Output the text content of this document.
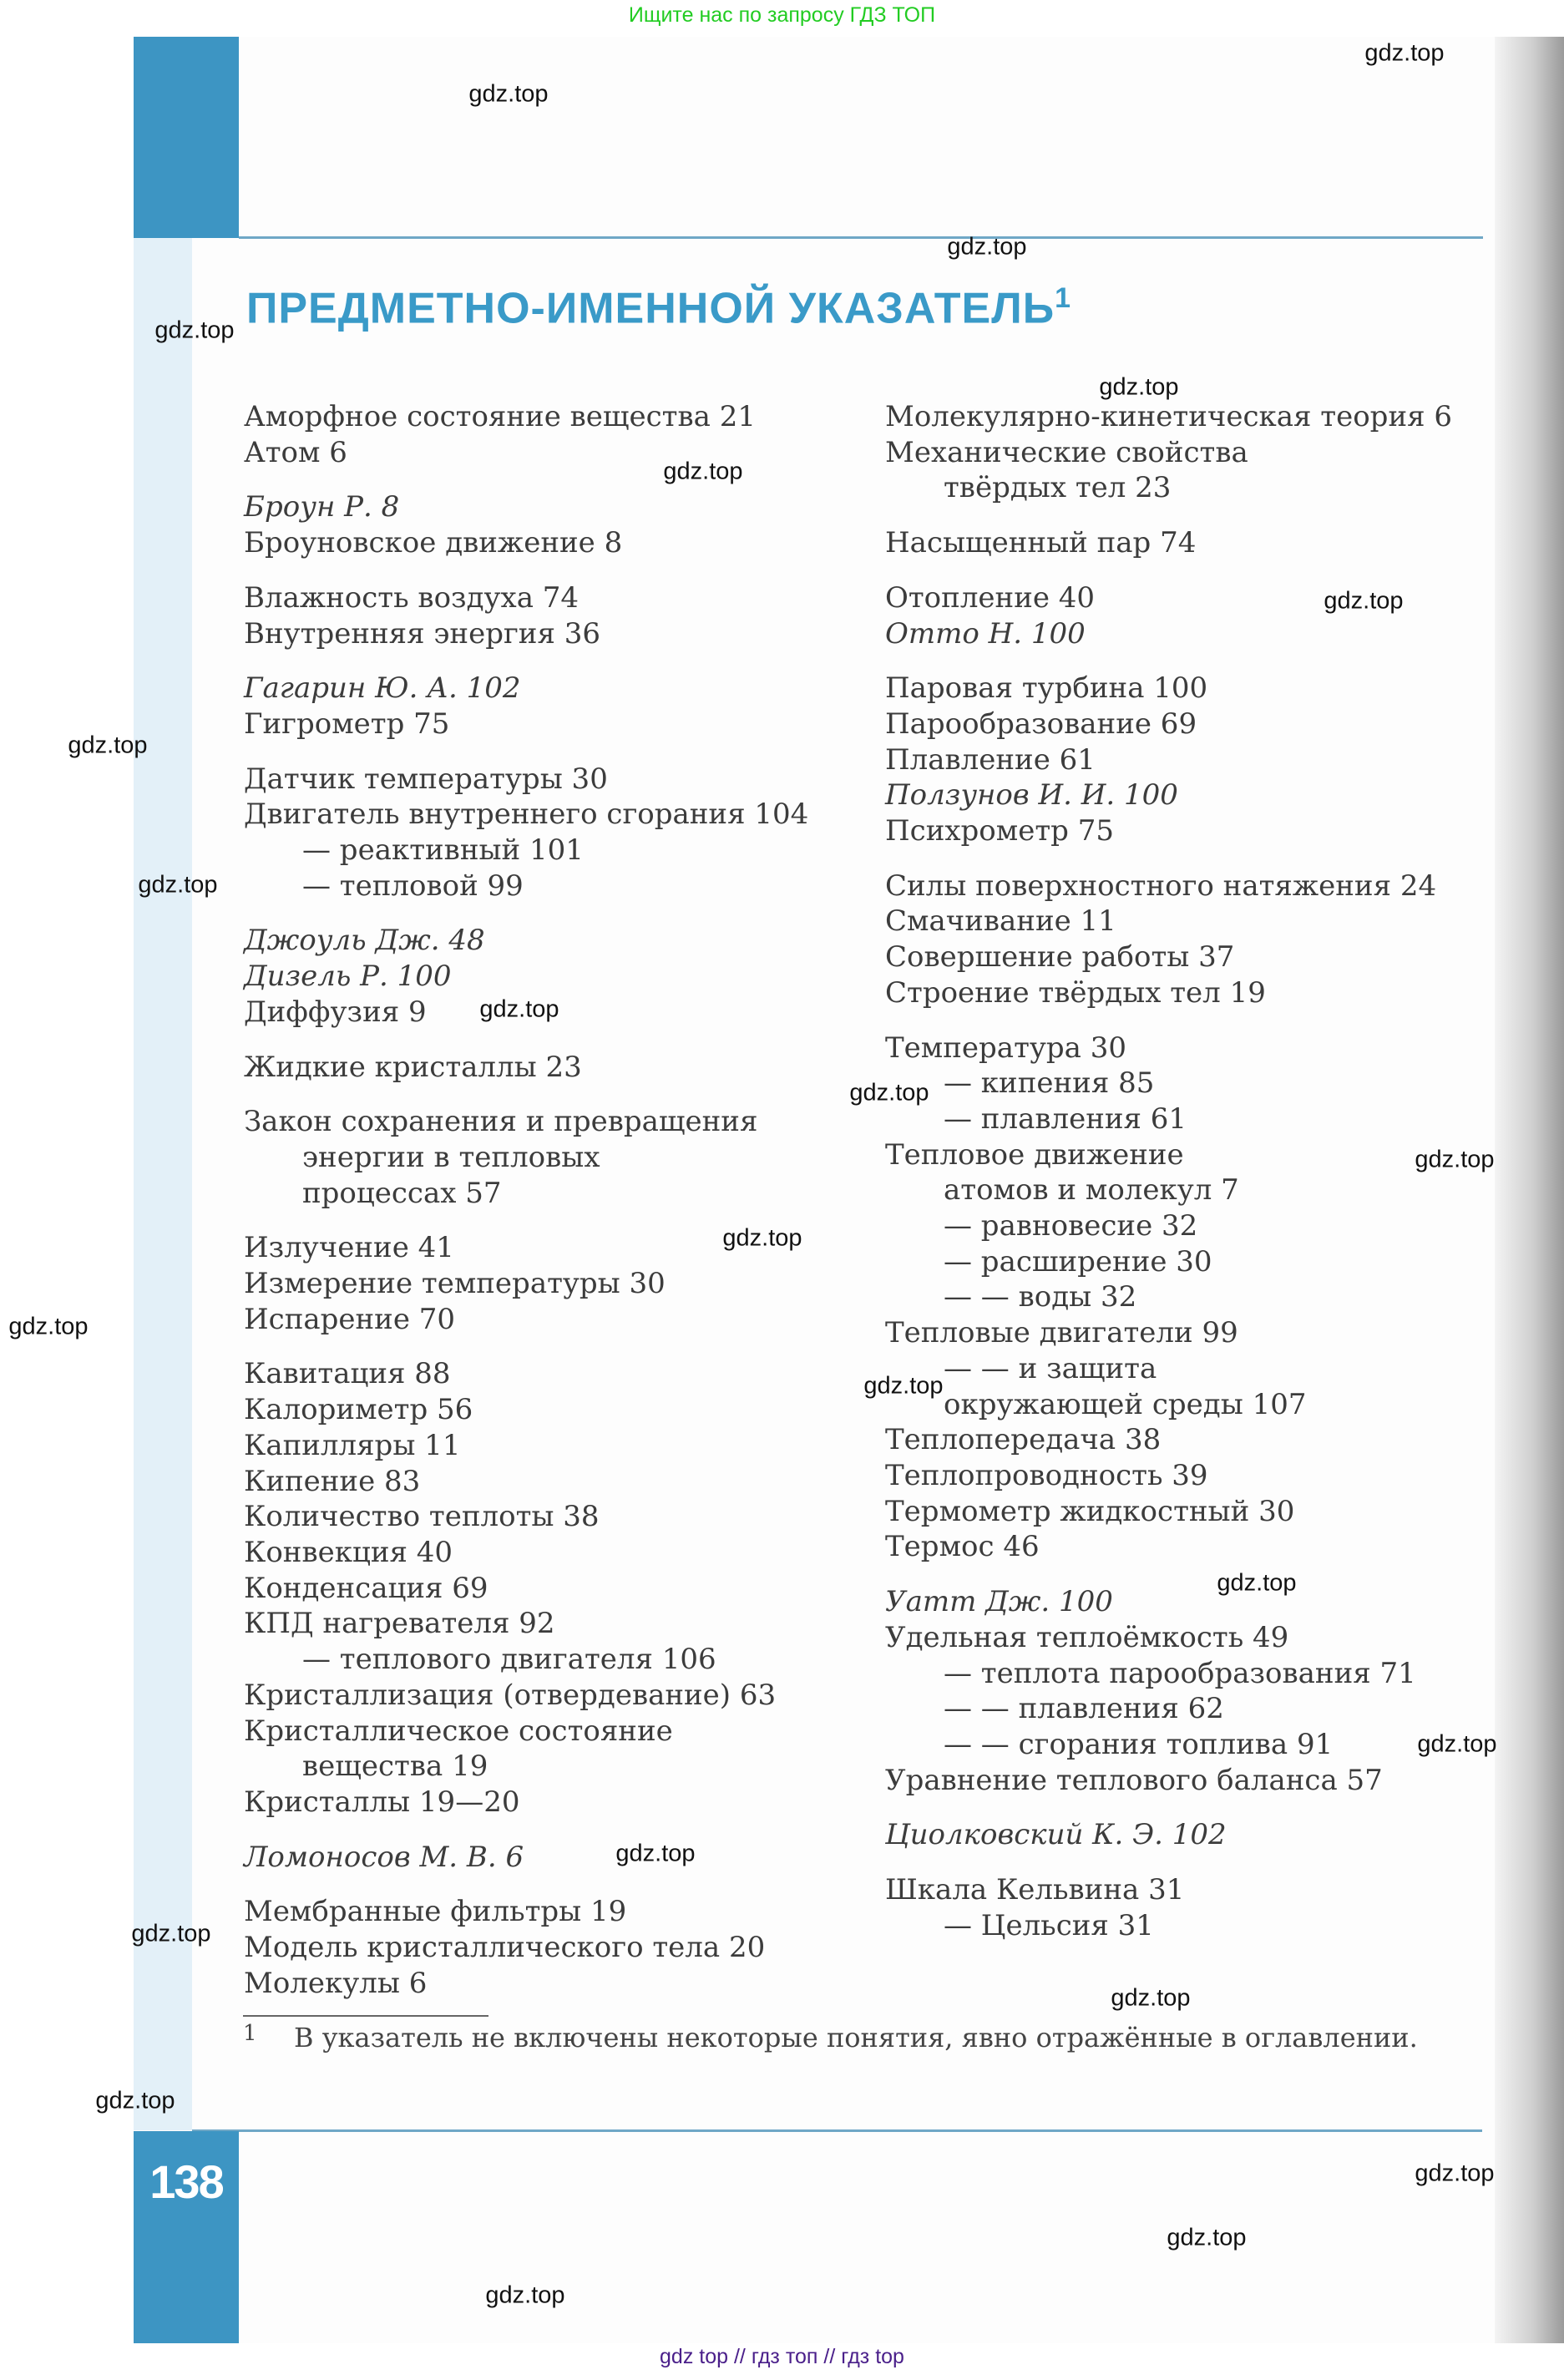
Ищите нас по запросу ГДЗ ТОП
ПРЕДМЕТНО-ИМЕННОЙ УКАЗАТЕЛЬ$^1$
Аморфное состояние вещества 21
Атом 6
Броун Р. 8
Броуновское движение 8
Влажность воздуха 74
Внутренняя энергия 36
Гагарин Ю. А. 102
Гигрометр 75
Датчик температуры 30
Двигатель внутреннего сгорания 104
— реактивный 101
— тепловой 99
Джоуль Дж. 48
Дизель Р. 100
Диффузия 9
Жидкие кристаллы 23
Закон сохранения и превращения
энергии в тепловых
процессах 57
Излучение 41
Измерение температуры 30
Испарение 70
Кавитация 88
Калориметр 56
Капилляры 11
Кипение 83
Количество теплоты 38
Конвекция 40
Конденсация 69
КПД нагревателя 92
— теплового двигателя 106
Кристаллизация (отвердевание) 63
Кристаллическое состояние
вещества 19
Кристаллы 19—20
Ломоносов М. В. 6
Мембранные фильтры 19
Модель кристаллического тела 20
Молекулы 6
Молекулярно-кинетическая теория 6
Механические свойства
твёрдых тел 23
Насыщенный пар 74
Отопление 40
Отто Н. 100
Паровая турбина 100
Парообразование 69
Плавление 61
Ползунов И. И. 100
Психрометр 75
Силы поверхностного натяжения 24
Смачивание 11
Совершение работы 37
Строение твёрдых тел 19
Температура 30
— кипения 85
— плавления 61
Тепловое движение
атомов и молекул 7
— равновесие 32
— расширение 30
— — воды 32
Тепловые двигатели 99
— — и защита
окружающей среды 107
Теплопередача 38
Теплопроводность 39
Термометр жидкостный 30
Термос 46
Уатт Дж. 100
Удельная теплоёмкость 49
— теплота парообразования 71
— — плавления 62
— — сгорания топлива 91
Уравнение теплового баланса 57
Циолковский К. Э. 102
Шкала Кельвина 31
— Цельсия 31
1 В указатель не включены некоторые понятия, явно отражённые в оглавлении.
138
gdz top // гдз топ // гдз top
gdz.top
gdz.top
gdz.top
gdz.top
gdz.top
gdz.top
gdz.top
gdz.top
gdz.top
gdz.top
gdz.top
gdz.top
gdz.top
gdz.top
gdz.top
gdz.top
gdz.top
gdz.top
gdz.top
gdz.top
gdz.top
gdz.top
gdz.top
gdz.top
